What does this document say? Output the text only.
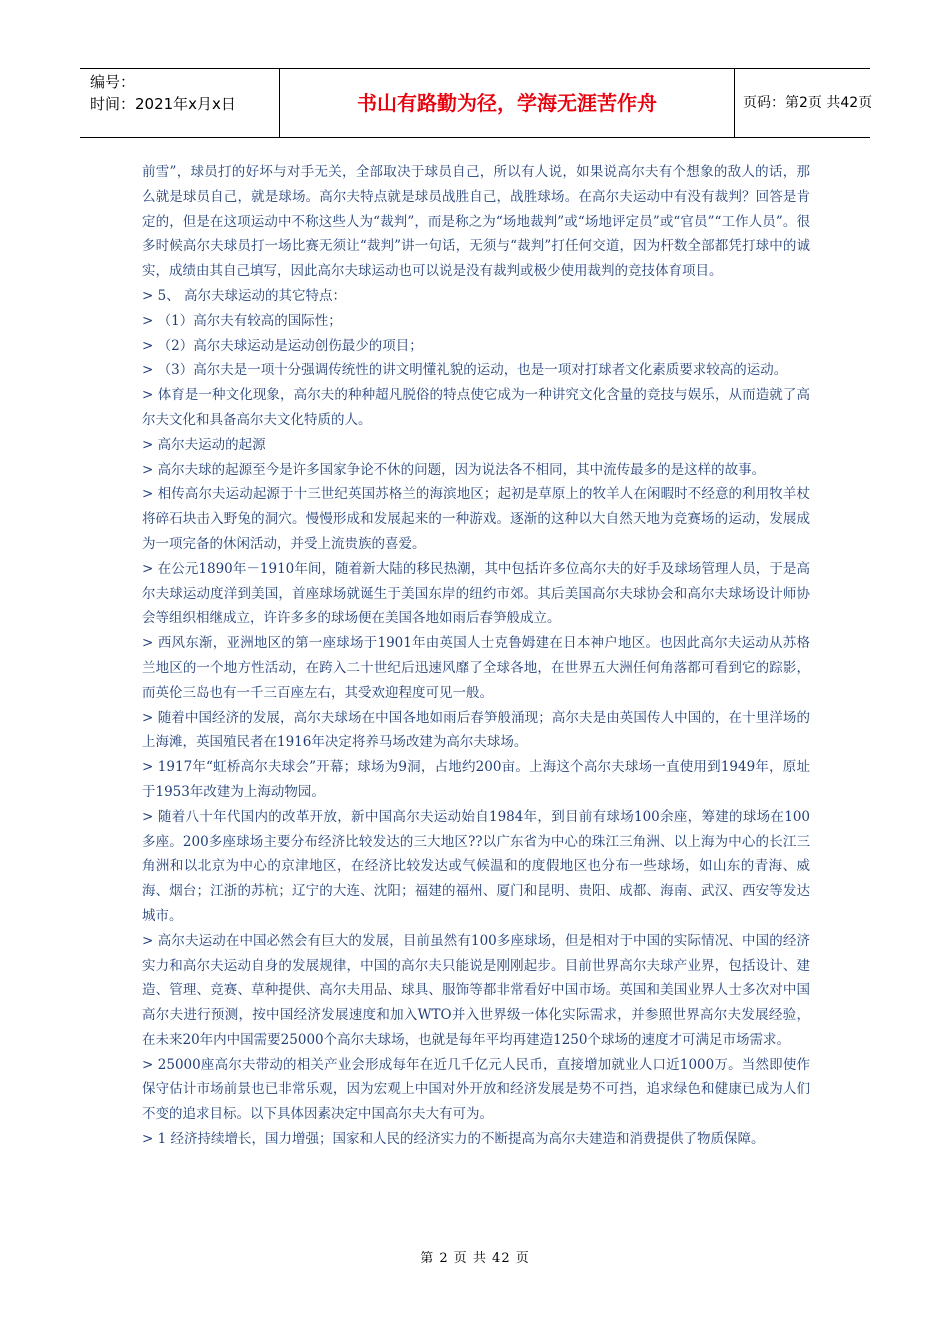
编号：
时间：2021年x月x日	书山有路勤为径，学海无涯苦作舟	页码：第2页 共42页

前雪”，球员打的好坏与对手无关，全部取决于球员自己，所以有人说，如果说高尔夫有个想象的敌人的话，那么就是球员自己，就是球场。高尔夫特点就是球员战胜自己，战胜球场。在高尔夫运动中有没有裁判？回答是肯定的，但是在这项运动中不称这些人为“裁判”，而是称之为“场地裁判”或“场地评定员”或“官员”“工作人员”。很多时候高尔夫球员打一场比赛无须让“裁判”讲一句话，无须与“裁判”打任何交道，因为杆数全部都凭打球中的诚实，成绩由其自己填写，因此高尔夫球运动也可以说是没有裁判或极少使用裁判的竞技体育项目。

> 5、 高尔夫球运动的其它特点：

> （1）高尔夫有较高的国际性；

> （2）高尔夫球运动是运动创伤最少的项目；

> （3）高尔夫是一项十分强调传统性的讲文明懂礼貌的运动，也是一项对打球者文化素质要求较高的运动。

> 体育是一种文化现象，高尔夫的种种超凡脱俗的特点使它成为一种讲究文化含量的竞技与娱乐，从而造就了高尔夫文化和具备高尔夫文化特质的人。

> 高尔夫运动的起源

> 高尔夫球的起源至今是许多国家争论不休的问题，因为说法各不相同，其中流传最多的是这样的故事。

> 相传高尔夫运动起源于十三世纪英国苏格兰的海滨地区；起初是草原上的牧羊人在闲暇时不经意的利用牧羊杖将碎石块击入野兔的洞穴。慢慢形成和发展起来的一种游戏。逐渐的这种以大自然天地为竞赛场的运动，发展成为一项完备的休闲活动，并受上流贵族的喜爱。

> 在公元1890年－1910年间，随着新大陆的移民热潮，其中包括许多位高尔夫的好手及球场管理人员，于是高尔夫球运动度洋到美国，首座球场就诞生于美国东岸的纽约市郊。其后美国高尔夫球协会和高尔夫球场设计师协会等组织相继成立，许许多多的球场便在美国各地如雨后春笋般成立。

> 西风东渐，亚洲地区的第一座球场于1901年由英国人士克鲁姆建在日本神户地区。也因此高尔夫运动从苏格兰地区的一个地方性活动，在跨入二十世纪后迅速风靡了全球各地，在世界五大洲任何角落都可看到它的踪影，而英伦三岛也有一千三百座左右，其受欢迎程度可见一般。

> 随着中国经济的发展，高尔夫球场在中国各地如雨后春笋般涌现；高尔夫是由英国传人中国的，在十里洋场的上海滩，英国殖民者在1916年决定将养马场改建为高尔夫球场。

> 1917年“虹桥高尔夫球会”开幕；球场为9洞，占地约200亩。上海这个高尔夫球场一直使用到1949年，原址于1953年改建为上海动物园。

> 随着八十年代国内的改革开放，新中国高尔夫运动始自1984年，到目前有球场100余座，筹建的球场在100多座。200多座球场主要分布经济比较发达的三大地区??以广东省为中心的珠江三角洲、以上海为中心的长江三角洲和以北京为中心的京津地区，在经济比较发达或气候温和的度假地区也分布一些球场，如山东的青海、威海、烟台；江浙的苏杭；辽宁的大连、沈阳；福建的福州、厦门和昆明、贵阳、成都、海南、武汉、西安等发达城市。

> 高尔夫运动在中国必然会有巨大的发展，目前虽然有100多座球场，但是相对于中国的实际情况、中国的经济实力和高尔夫运动自身的发展规律，中国的高尔夫只能说是刚刚起步。目前世界高尔夫球产业界，包括设计、建造、管理、竞赛、草种提供、高尔夫用品、球具、服饰等都非常看好中国市场。英国和美国业界人士多次对中国高尔夫进行预测，按中国经济发展速度和加入WTO并入世界级一体化实际需求，并参照世界高尔夫发展经验，在未来20年内中国需要25000个高尔夫球场，也就是每年平均再建造1250个球场的速度才可满足市场需求。

> 25000座高尔夫带动的相关产业会形成每年在近几千亿元人民币，直接增加就业人口近1000万。当然即使作保守估计市场前景也已非常乐观，因为宏观上中国对外开放和经济发展是势不可挡，追求绿色和健康已成为人们不变的追求目标。以下具体因素决定中国高尔夫大有可为。

> 1 经济持续增长，国力增强；国家和人民的经济实力的不断提高为高尔夫建造和消费提供了物质保障。

第 2 页 共 42 页
